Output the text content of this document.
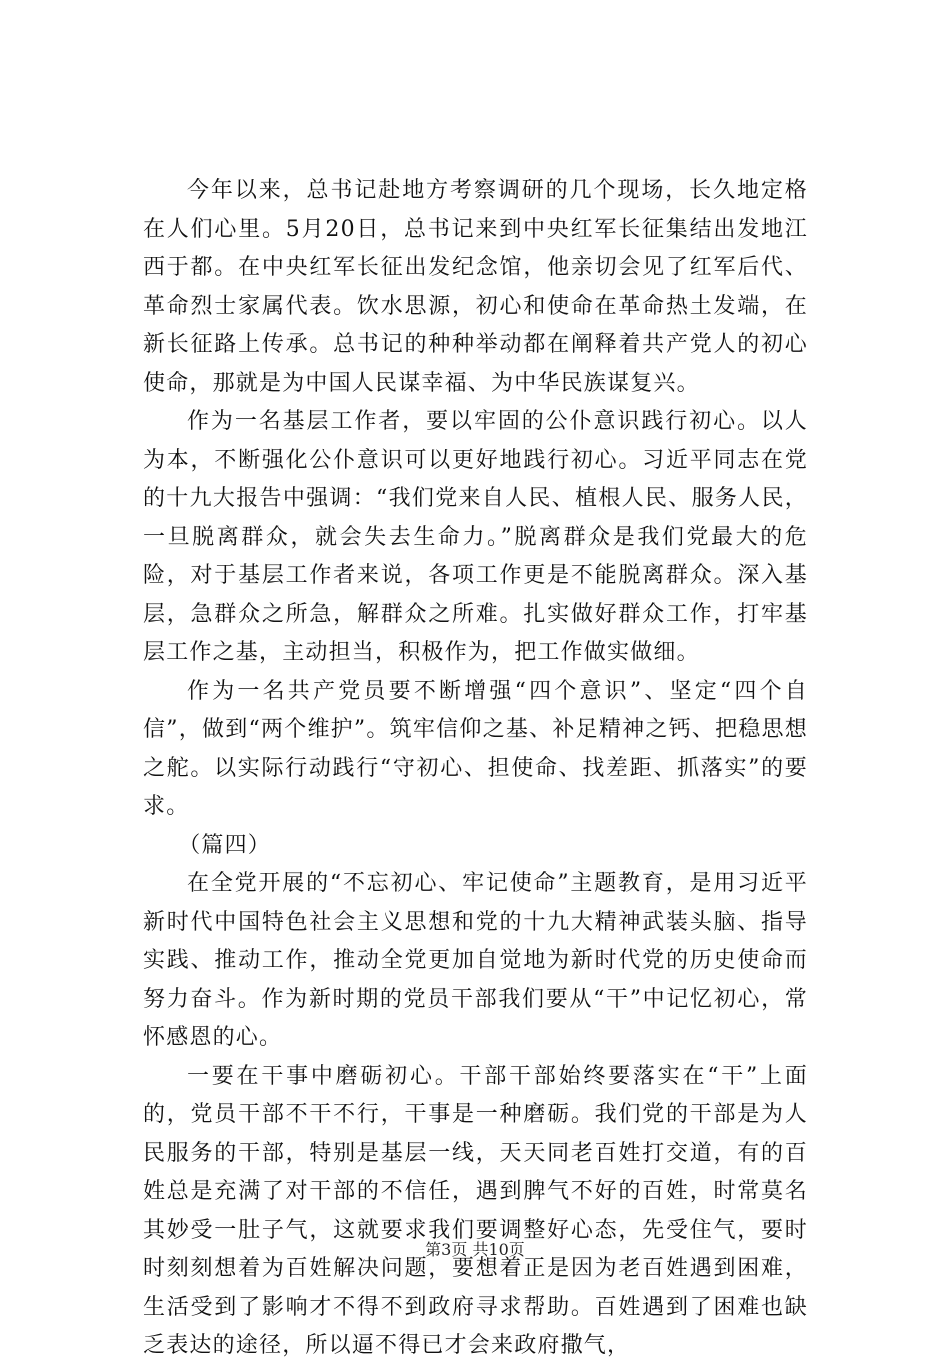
今年以来，总书记赴地方考察调研的几个现场，长久地定格在人们心里。5月20日，总书记来到中央红军长征集结出发地江西于都。在中央红军长征出发纪念馆，他亲切会见了红军后代、革命烈士家属代表。饮水思源，初心和使命在革命热土发端，在新长征路上传承。总书记的种种举动都在阐释着共产党人的初心使命，那就是为中国人民谋幸福、为中华民族谋复兴。

作为一名基层工作者，要以牢固的公仆意识践行初心。以人为本，不断强化公仆意识可以更好地践行初心。习近平同志在党的十九大报告中强调：“我们党来自人民、植根人民、服务人民，一旦脱离群众，就会失去生命力。”脱离群众是我们党最大的危险，对于基层工作者来说，各项工作更是不能脱离群众。深入基层，急群众之所急，解群众之所难。扎实做好群众工作，打牢基层工作之基，主动担当，积极作为，把工作做实做细。

作为一名共产党员要不断增强“四个意识”、坚定“四个自信”，做到“两个维护”。筑牢信仰之基、补足精神之钙、把稳思想之舵。以实际行动践行“守初心、担使命、找差距、抓落实”的要求。

（篇四）

在全党开展的“不忘初心、牢记使命”主题教育，是用习近平新时代中国特色社会主义思想和党的十九大精神武装头脑、指导实践、推动工作，推动全党更加自觉地为新时代党的历史使命而努力奋斗。作为新时期的党员干部我们要从“干”中记忆初心，常怀感恩的心。

一要在干事中磨砺初心。干部干部始终要落实在“干”上面的，党员干部不干不行，干事是一种磨砺。我们党的干部是为人民服务的干部，特别是基层一线，天天同老百姓打交道，有的百姓总是充满了对干部的不信任，遇到脾气不好的百姓，时常莫名其妙受一肚子气，这就要求我们要调整好心态，先受住气，要时时刻刻想着为百姓解决问题，要想着正是因为老百姓遇到困难，生活受到了影响才不得不到政府寻求帮助。百姓遇到了困难也缺乏表达的途径，所以逼不得已才会来政府撒气，

第3页 共10页
